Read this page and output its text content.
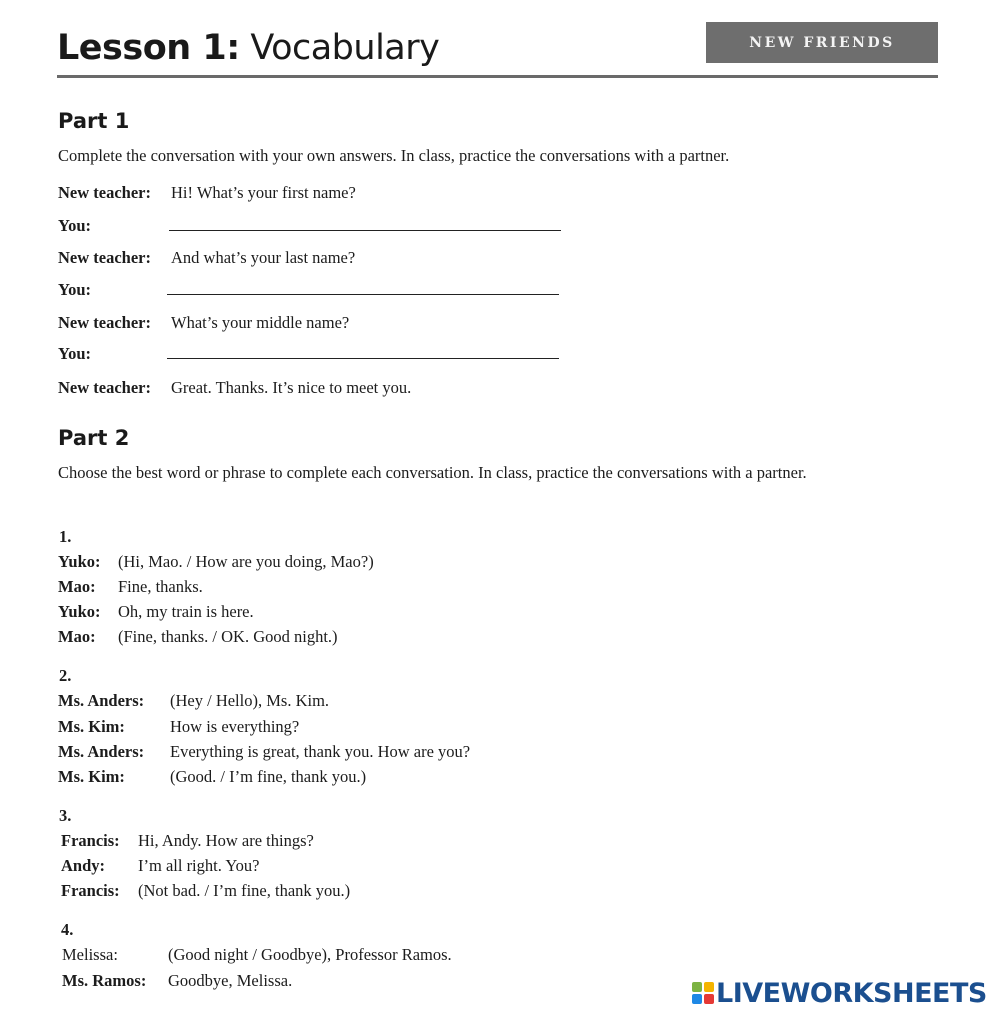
Lesson 1: Vocabulary	NEW FRIENDS
Part 1
Complete the conversation with your own answers. In class, practice the conversations with a partner.
New teacher: Hi! What’s your first name?
You:
New teacher: And what’s your last name?
You:
New teacher: What’s your middle name?
You:
New teacher: Great. Thanks. It’s nice to meet you.
Part 2
Choose the best word or phrase to complete each conversation. In class, practice the conversations with a partner.
1.
Yuko: (Hi, Mao. / How are you doing, Mao?)
Mao: Fine, thanks.
Yuko: Oh, my train is here.
Mao: (Fine, thanks. / OK. Good night.)
2.
Ms. Anders: (Hey / Hello), Ms. Kim.
Ms. Kim:	How is everything?
Ms. Anders: Everything is great, thank you. How are you?
Ms. Kim:	(Good. / I’m fine, thank you.)
3.
Francis: Hi, Andy. How are things?
Andy: I’m all right. You?
Francis: (Not bad. / I’m fine, thank you.)
4.
Melissa:	(Good night / Goodbye), Professor Ramos.
Ms. Ramos: Goodbye, Melissa.	LIVEWORKSHEETS
